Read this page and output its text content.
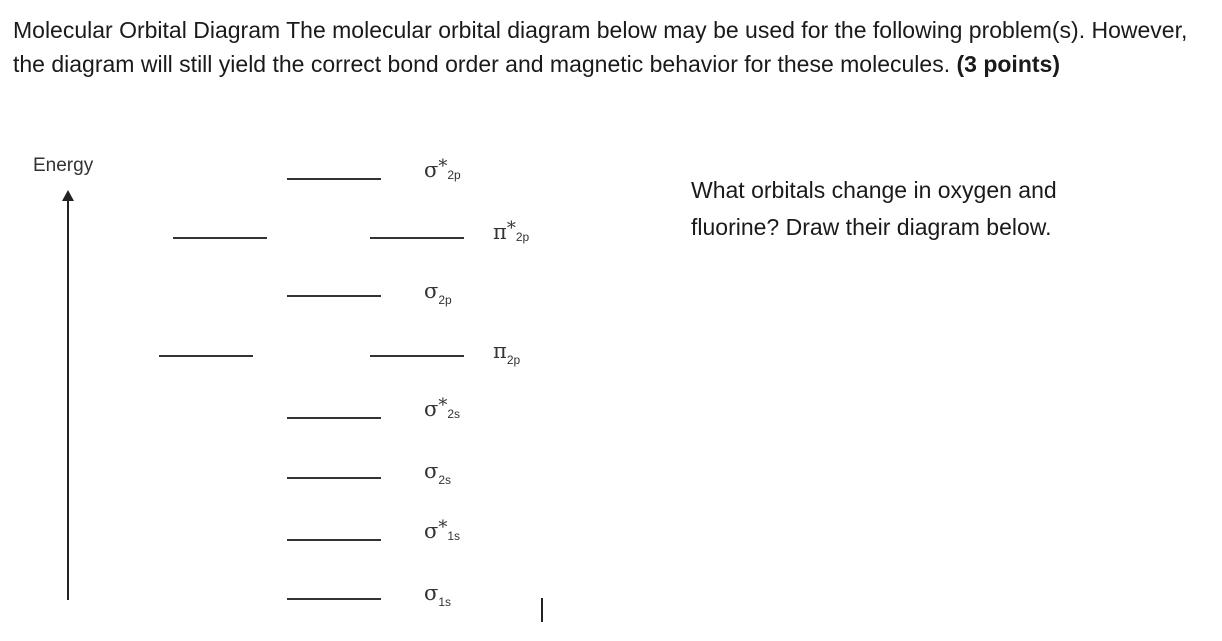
Molecular Orbital Diagram The molecular orbital diagram below may be used for the following problem(s). However, the diagram will still yield the correct bond order and magnetic behavior for these molecules. (3 points)
Energy	σ*2p
π*2p
$\sigma_{2p}$
$\pi_{2p}$
σ*2s
$\sigma_{2s}$
σ*1s
$\sigma_{1s}$
What orbitals change in oxygen and fluorine? Draw their diagram below.
